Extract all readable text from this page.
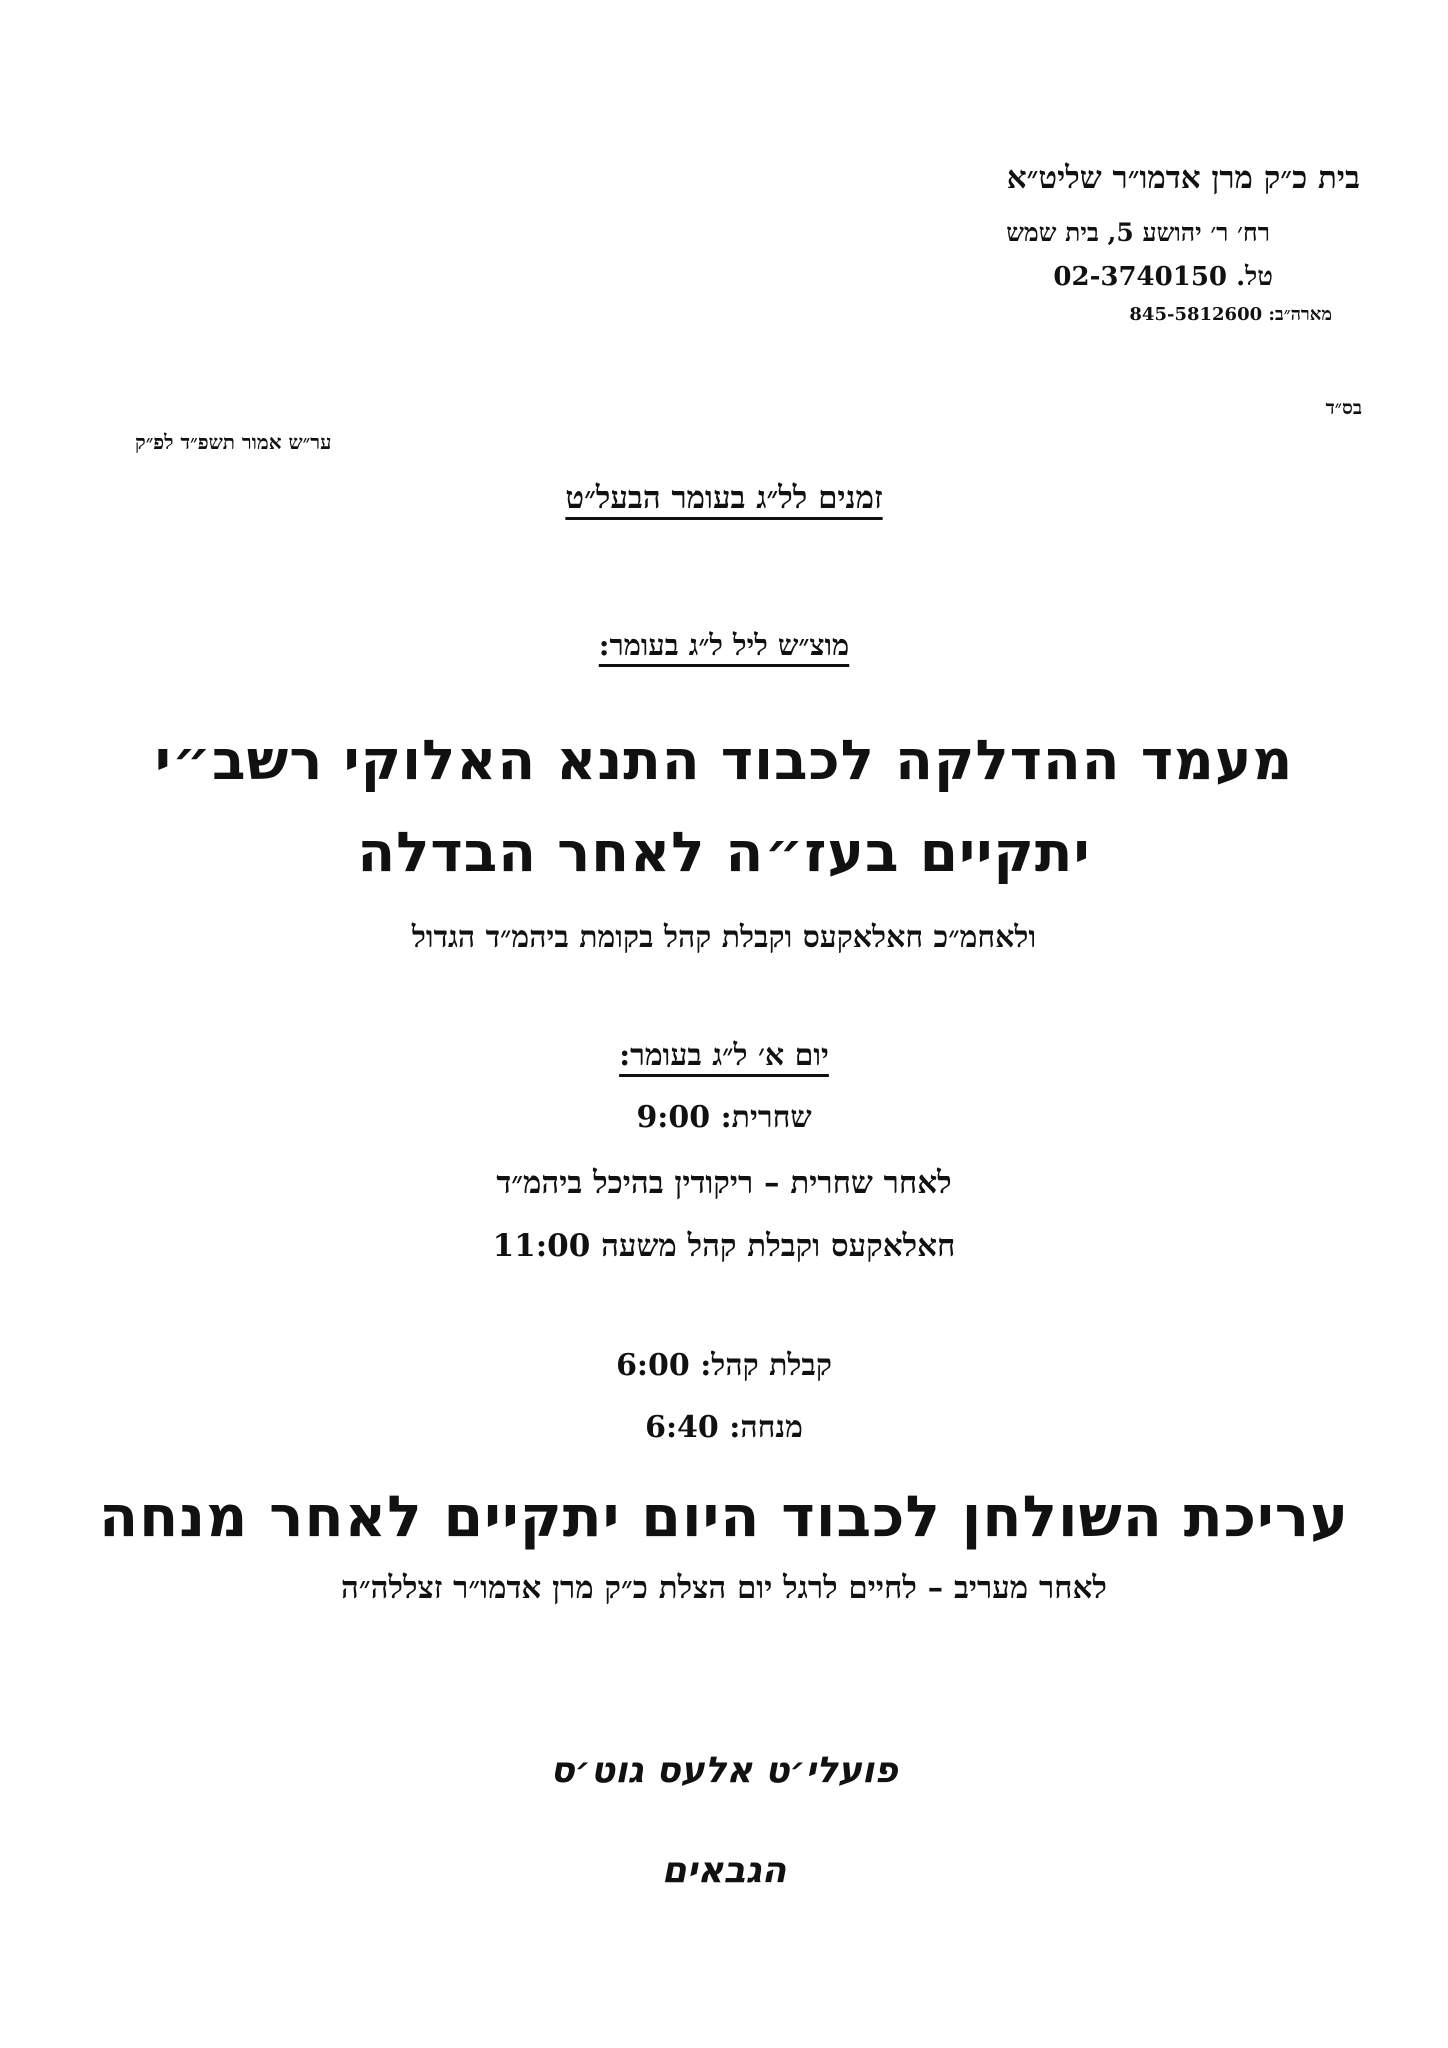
בית כ״ק מרן אדמו״ר שליט״א
רח׳ ר׳ יהושע 5, בית שמש
טל. 02-3740150
מארה״ב: 845-5812600
בס״ד
ער״ש אמור תשפ״ד לפ״ק
זמנים לל״ג בעומר הבעל״ט
מוצ״ש ליל ל״ג בעומר:
מעמד ההדלקה לכבוד התנא האלוקי רשב״י
יתקיים בעז״ה לאחר הבדלה
ולאחמ״כ חאלאקעס וקבלת קהל בקומת ביהמ״ד הגדול
יום א׳ ל״ג בעומר:
שחרית: 9:00
לאחר שחרית – ריקודין בהיכל ביהמ״ד
חאלאקעס וקבלת קהל משעה 11:00
קבלת קהל: 6:00
מנחה: 6:40
עריכת השולחן לכבוד היום יתקיים לאחר מנחה
לאחר מעריב – לחיים לרגל יום הצלת כ״ק מרן אדמו״ר זצללה״ה
פועלי׳ט אלעס גוט׳ס
הגבאים
